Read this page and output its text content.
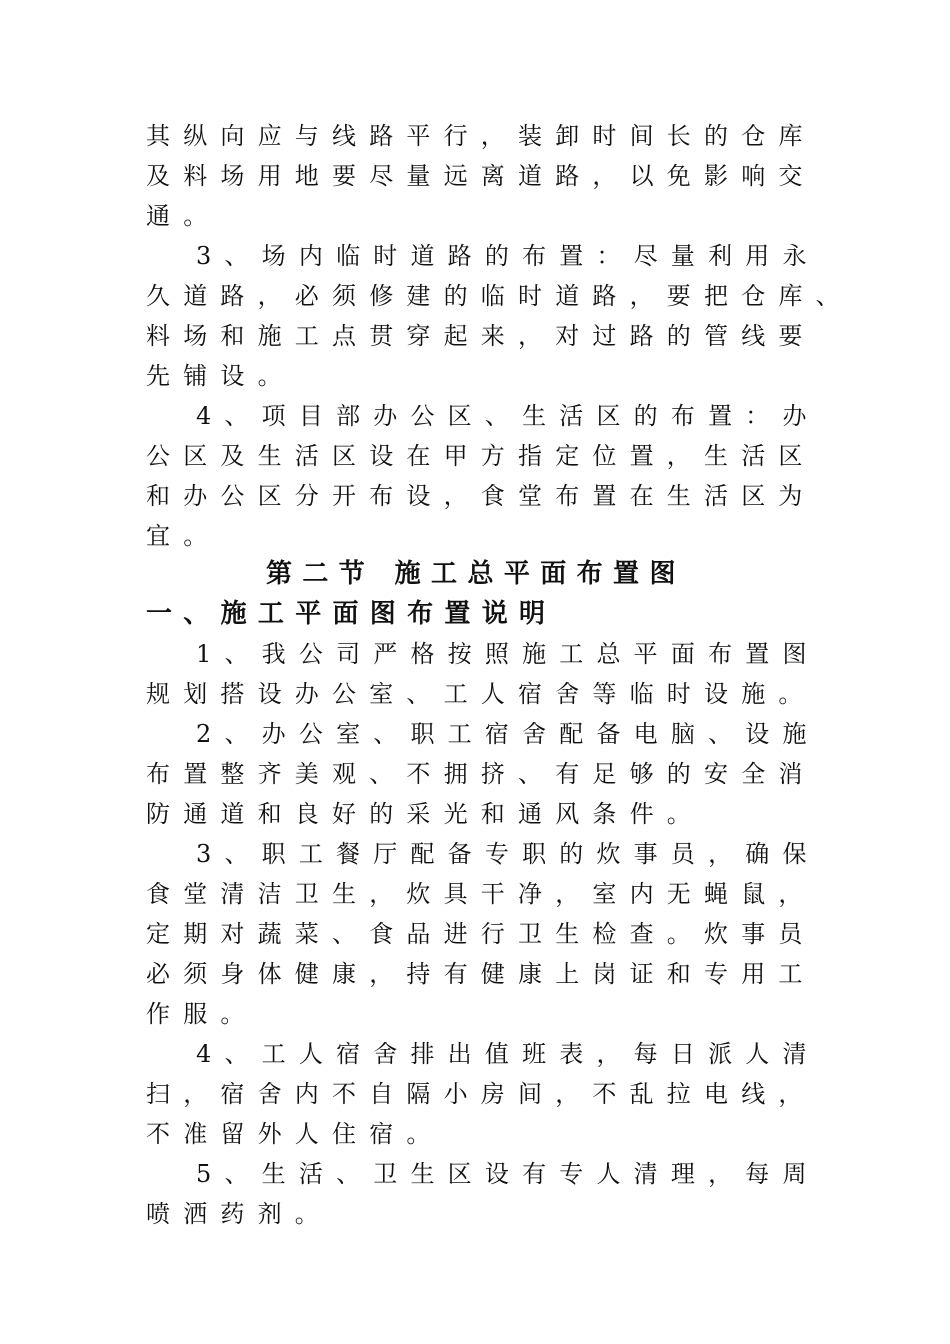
其纵向应与线路平行，装卸时间长的仓库
及料场用地要尽量远离道路，以免影响交
通。
3、场内临时道路的布置：尽量利用永
久道路，必须修建的临时道路，要把仓库、
料场和施工点贯穿起来，对过路的管线要
先铺设。
4、项目部办公区、生活区的布置：办
公区及生活区设在甲方指定位置，生活区
和办公区分开布设，食堂布置在生活区为
宜。
第二节 施工总平面布置图
一、施工平面图布置说明
1、我公司严格按照施工总平面布置图
规划搭设办公室、工人宿舍等临时设施。
2、办公室、职工宿舍配备电脑、设施
布置整齐美观、不拥挤、有足够的安全消
防通道和良好的采光和通风条件。
3、职工餐厅配备专职的炊事员，确保
食堂清洁卫生，炊具干净，室内无蝇鼠，
定期对蔬菜、食品进行卫生检查。炊事员
必须身体健康，持有健康上岗证和专用工
作服。
4、工人宿舍排出值班表，每日派人清
扫，宿舍内不自隔小房间，不乱拉电线，
不准留外人住宿。
5、生活、卫生区设有专人清理，每周
喷洒药剂。
